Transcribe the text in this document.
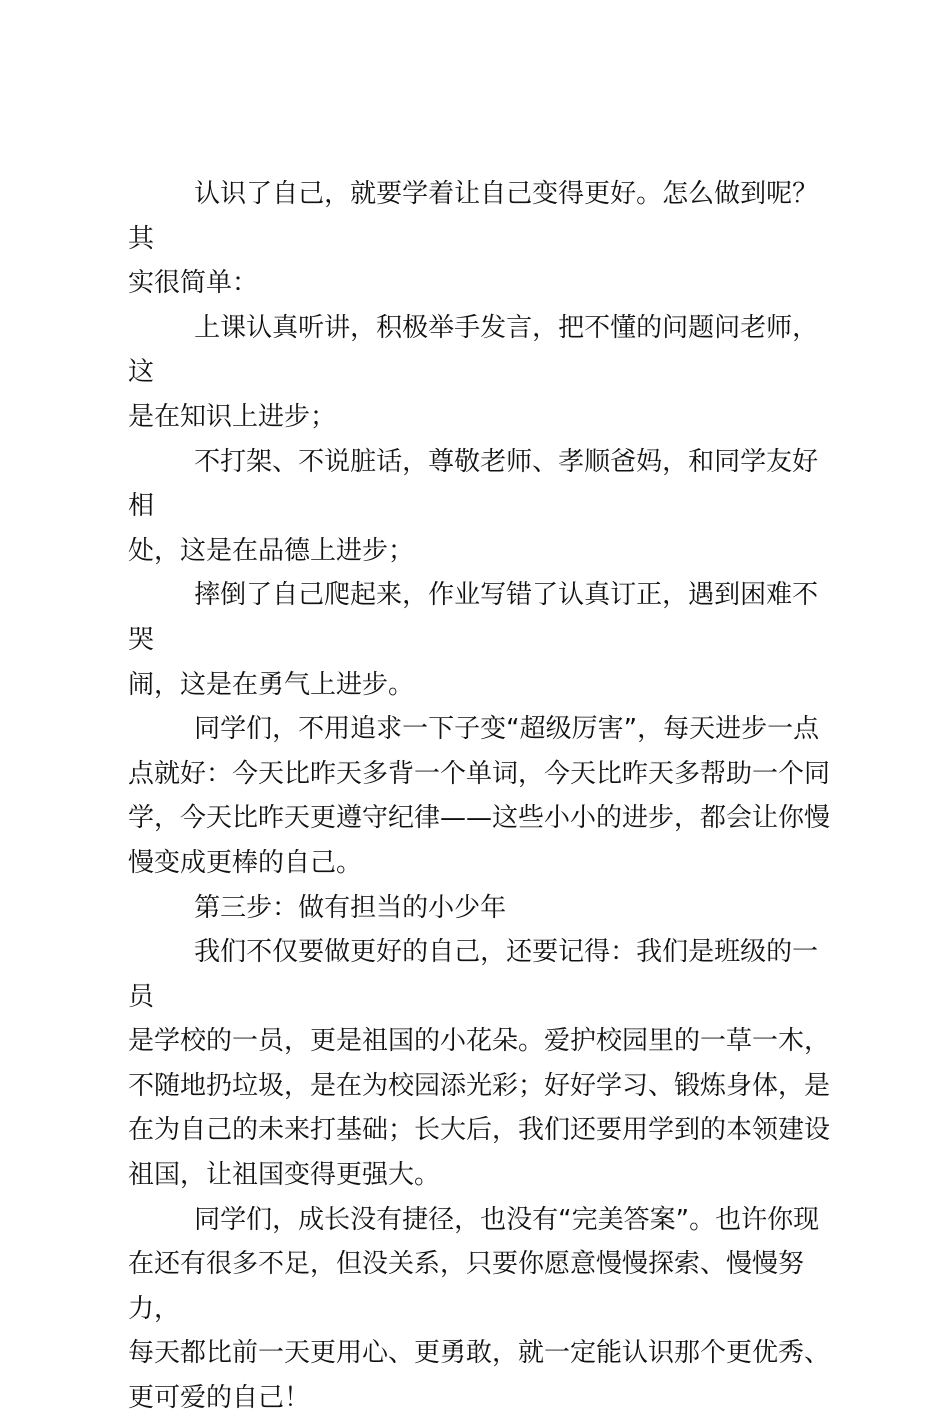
认识了自己，就要学着让自己变得更好。怎么做到呢？其
实很简单：

上课认真听讲，积极举手发言，把不懂的问题问老师，这
是在知识上进步；

不打架、不说脏话，尊敬老师、孝顺爸妈，和同学友好相
处，这是在品德上进步；

摔倒了自己爬起来，作业写错了认真订正，遇到困难不哭
闹，这是在勇气上进步。

同学们，不用追求一下子变“超级厉害”，每天进步一点
点就好：今天比昨天多背一个单词，今天比昨天多帮助一个同
学，今天比昨天更遵守纪律——这些小小的进步，都会让你慢
慢变成更棒的自己。

第三步：做有担当的小少年

我们不仅要做更好的自己，还要记得：我们是班级的一员
是学校的一员，更是祖国的小花朵。爱护校园里的一草一木，
不随地扔垃圾，是在为校园添光彩；好好学习、锻炼身体，是
在为自己的未来打基础；长大后，我们还要用学到的本领建设
祖国，让祖国变得更强大。

同学们，成长没有捷径，也没有“完美答案”。也许你现
在还有很多不足，但没关系，只要你愿意慢慢探索、慢慢努力，
每天都比前一天更用心、更勇敢，就一定能认识那个更优秀、
更可爱的自己！
